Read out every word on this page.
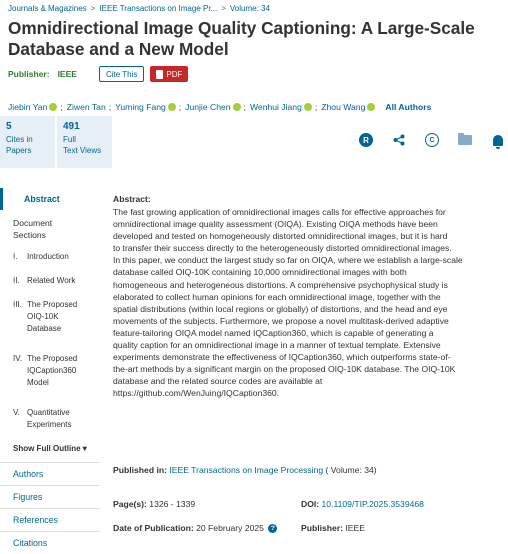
Journals & Magazines > IEEE Transactions on Image Pr... > Volume: 34
Omnidirectional Image Quality Captioning: A Large-Scale
Database and a New Model
Publisher: IEEE	Cite This	PDF
Jiebin Yan ; Ziwen Tan ; Yuming Fang ; Junjie Chen ; Wenhui Jiang ; Zhou Wang All Authors
5
Cites in
Papers
491
Full
Text Views
R	C
Abstract
Document
Sections
I.	Introduction
II. Related Work
III. The Proposed
OIQ-10K
Database
IV. The Proposed
IQCaption360
Model
V. Quantitative
Experiments
Show Full Outline ▾
Authors
Figures
References
Citations
Abstract:
The fast growing application of omnidirectional images calls for effective approaches for
omnidirectional image quality assessment (OIQA). Existing OIQA methods have been
developed and tested on homogeneously distorted omnidirectional images, but it is hard
to transfer their success directly to the heterogeneously distorted omnidirectional images.
In this paper, we conduct the largest study so far on OIQA, where we establish a large-scale
database called OIQ-10K containing 10,000 omnidirectional images with both
homogeneous and heterogeneous distortions. A comprehensive psychophysical study is
elaborated to collect human opinions for each omnidirectional image, together with the
spatial distributions (within local regions or globally) of distortions, and the head and eye
movements of the subjects. Furthermore, we propose a novel multitask-derived adaptive
feature-tailoring OIQA model named IQCaption360, which is capable of generating a
quality caption for an omnidirectional image in a manner of textual template. Extensive
experiments demonstrate the effectiveness of IQCaption360, which outperforms state-of-
the-art methods by a significant margin on the proposed OIQ-10K database. The OIQ-10K
database and the related source codes are available at
https://github.com/WenJuing/IQCaption360.
Published in: IEEE Transactions on Image Processing ( Volume: 34)
Page(s): 1326 - 1339	DOI: 10.1109/TIP.2025.3539468
Date of Publication: 20 February 2025 ?	Publisher: IEEE
